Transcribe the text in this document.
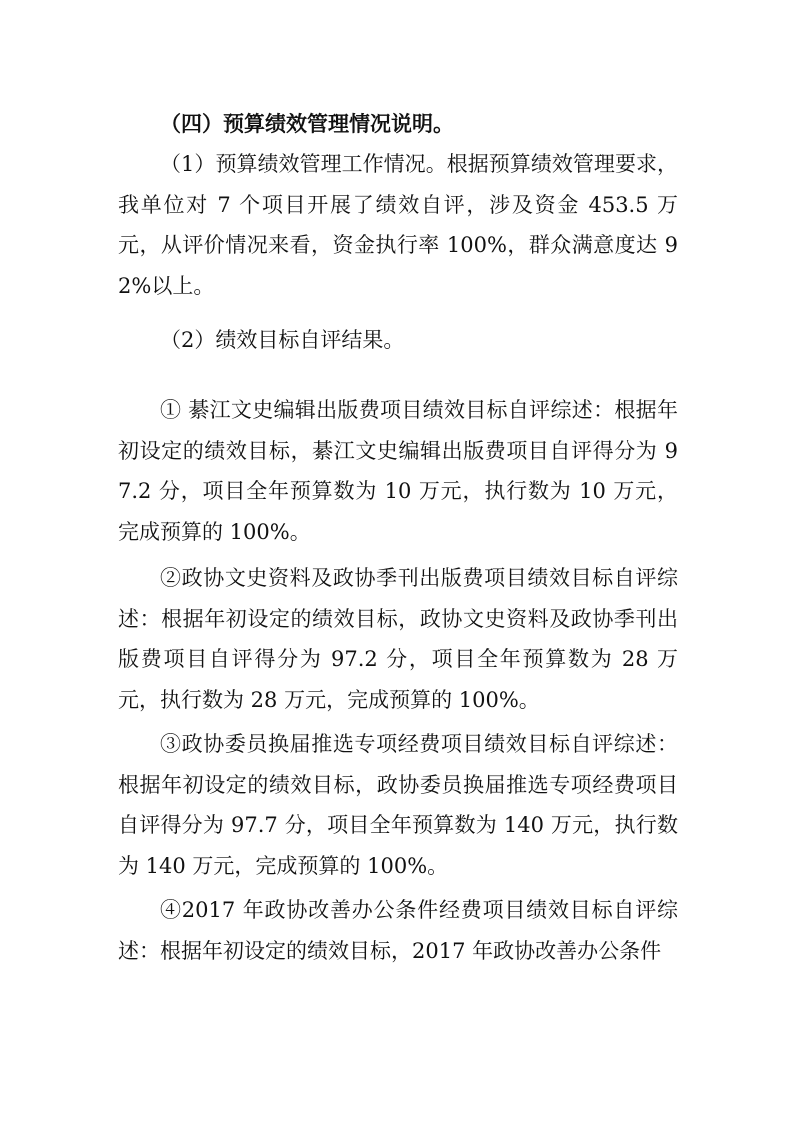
（四）预算绩效管理情况说明。

（1）预算绩效管理工作情况。根据预算绩效管理要求，我单位对 7 个项目开展了绩效自评，涉及资金 453.5 万元，从评价情况来看，资金执行率 100%，群众满意度达 92%以上。

（2）绩效目标自评结果。

① 綦江文史编辑出版费项目绩效目标自评综述：根据年初设定的绩效目标，綦江文史编辑出版费项目自评得分为 97.2 分，项目全年预算数为 10 万元，执行数为 10 万元，完成预算的 100%。

②政协文史资料及政协季刊出版费项目绩效目标自评综述：根据年初设定的绩效目标，政协文史资料及政协季刊出版费项目自评得分为 97.2 分，项目全年预算数为 28 万元，执行数为 28 万元，完成预算的 100%。

③政协委员换届推选专项经费项目绩效目标自评综述：根据年初设定的绩效目标，政协委员换届推选专项经费项目自评得分为 97.7 分，项目全年预算数为 140 万元，执行数为 140 万元，完成预算的 100%。

④2017 年政协改善办公条件经费项目绩效目标自评综述：根据年初设定的绩效目标，2017 年政协改善办公条件
